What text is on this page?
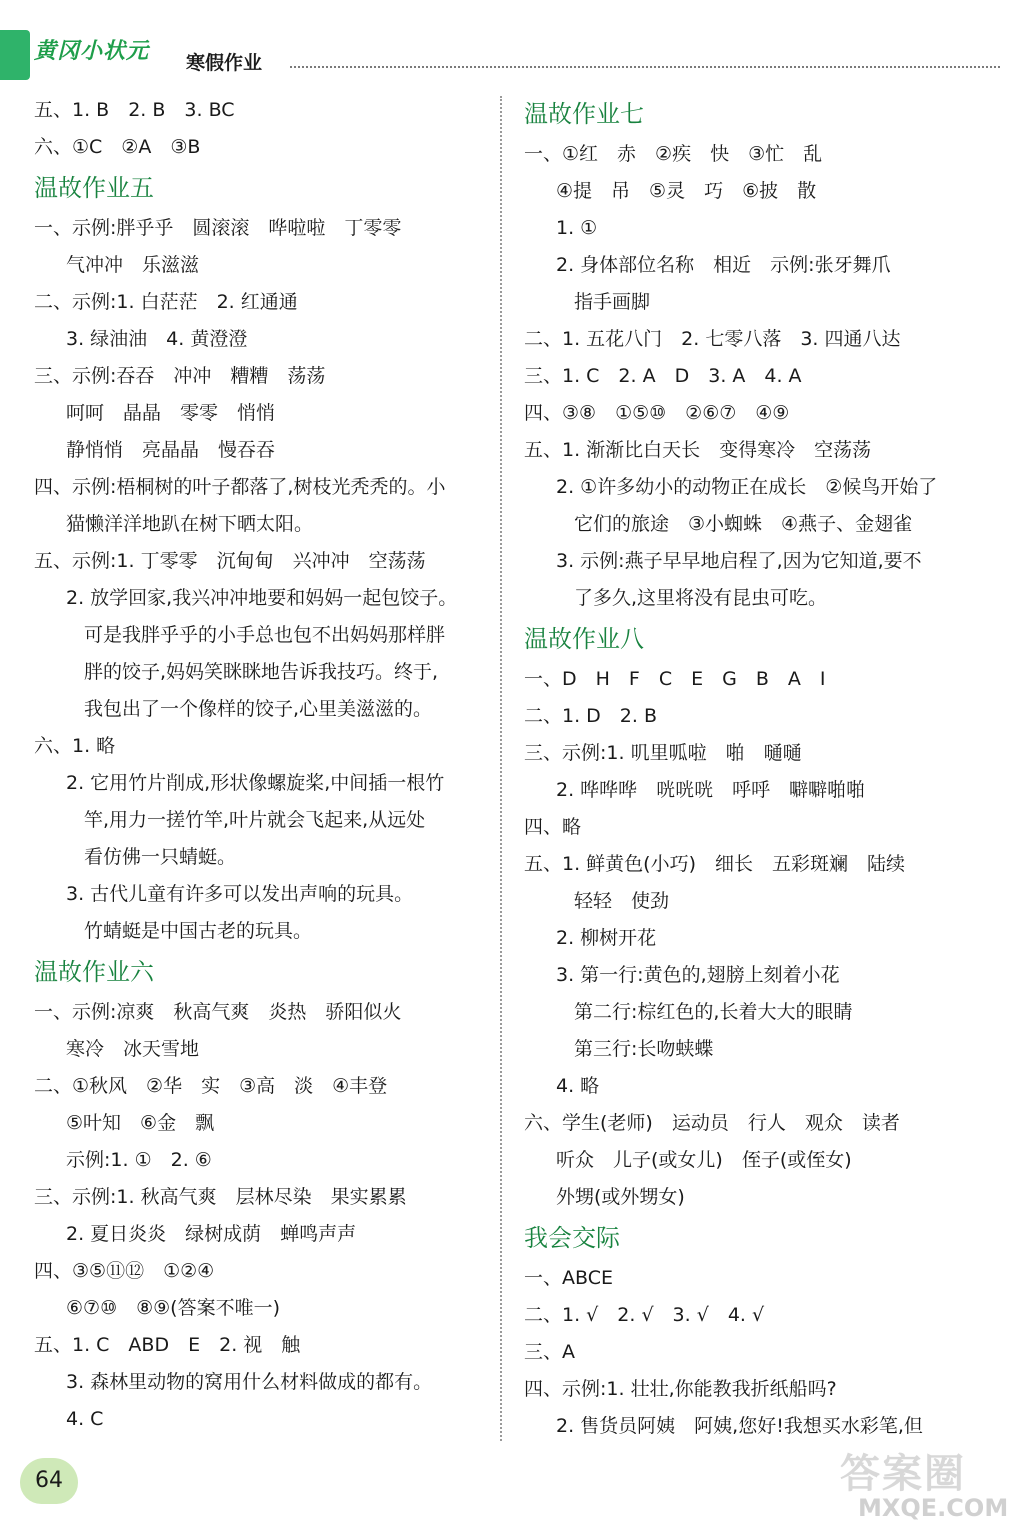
黄冈小状元 寒假作业
五、1. B　2. B　3. BC
六、①C　②A　③B
温故作业五
一、示例:胖乎乎　圆滚滚　哗啦啦　丁零零
气冲冲　乐滋滋
二、示例:1. 白茫茫　2. 红通通
3. 绿油油　4. 黄澄澄
三、示例:吞吞　冲冲　糟糟　荡荡
呵呵　晶晶　零零　悄悄
静悄悄　亮晶晶　慢吞吞
四、示例:梧桐树的叶子都落了,树枝光秃秃的。小
猫懒洋洋地趴在树下晒太阳。
五、示例:1. 丁零零　沉甸甸　兴冲冲　空荡荡
2. 放学回家,我兴冲冲地要和妈妈一起包饺子。
可是我胖乎乎的小手总也包不出妈妈那样胖
胖的饺子,妈妈笑眯眯地告诉我技巧。终于,
我包出了一个像样的饺子,心里美滋滋的。
六、1. 略
2. 它用竹片削成,形状像螺旋桨,中间插一根竹
竿,用力一搓竹竿,叶片就会飞起来,从远处
看仿佛一只蜻蜓。
3. 古代儿童有许多可以发出声响的玩具。
竹蜻蜓是中国古老的玩具。
温故作业六
一、示例:凉爽　秋高气爽　炎热　骄阳似火
寒冷　冰天雪地
二、①秋风　②华　实　③高　淡　④丰登
⑤叶知　⑥金　飘
示例:1. ①　2. ⑥
三、示例:1. 秋高气爽　层林尽染　果实累累
2. 夏日炎炎　绿树成荫　蝉鸣声声
四、③⑤⑪⑫　①②④
⑥⑦⑩　⑧⑨(答案不唯一)
五、1. C　ABD　E　2. 视　触
3. 森林里动物的窝用什么材料做成的都有。
4. C
温故作业七
一、①红　赤　②疾　快　③忙　乱
④提　吊　⑤灵　巧　⑥披　散
1. ①
2. 身体部位名称　相近　示例:张牙舞爪
指手画脚
二、1. 五花八门　2. 七零八落　3. 四通八达
三、1. C　2. A　D　3. A　4. A
四、③⑧　①⑤⑩　②⑥⑦　④⑨
五、1. 渐渐比白天长　变得寒冷　空荡荡
2. ①许多幼小的动物正在成长　②候鸟开始了
它们的旅途　③小蜘蛛　④燕子、金翅雀
3. 示例:燕子早早地启程了,因为它知道,要不
了多久,这里将没有昆虫可吃。
温故作业八
一、D　H　F　C　E　G　B　A　I
二、1. D　2. B
三、示例:1. 叽里呱啦　啪　嗵嗵
2. 哗哗哗　咣咣咣　呼呼　噼噼啪啪
四、略
五、1. 鲜黄色(小巧)　细长　五彩斑斓　陆续
轻轻　使劲
2. 柳树开花
3. 第一行:黄色的,翅膀上刻着小花
第二行:棕红色的,长着大大的眼睛
第三行:长吻蛱蝶
4. 略
六、学生(老师)　运动员　行人　观众　读者
听众　儿子(或女儿)　侄子(或侄女)
外甥(或外甥女)
我会交际
一、ABCE
二、1. √　2. √　3. √　4. √
三、A
四、示例:1. 壮壮,你能教我折纸船吗?
2. 售货员阿姨　阿姨,您好!我想买水彩笔,但
64	答案圈
MXQE.COM
